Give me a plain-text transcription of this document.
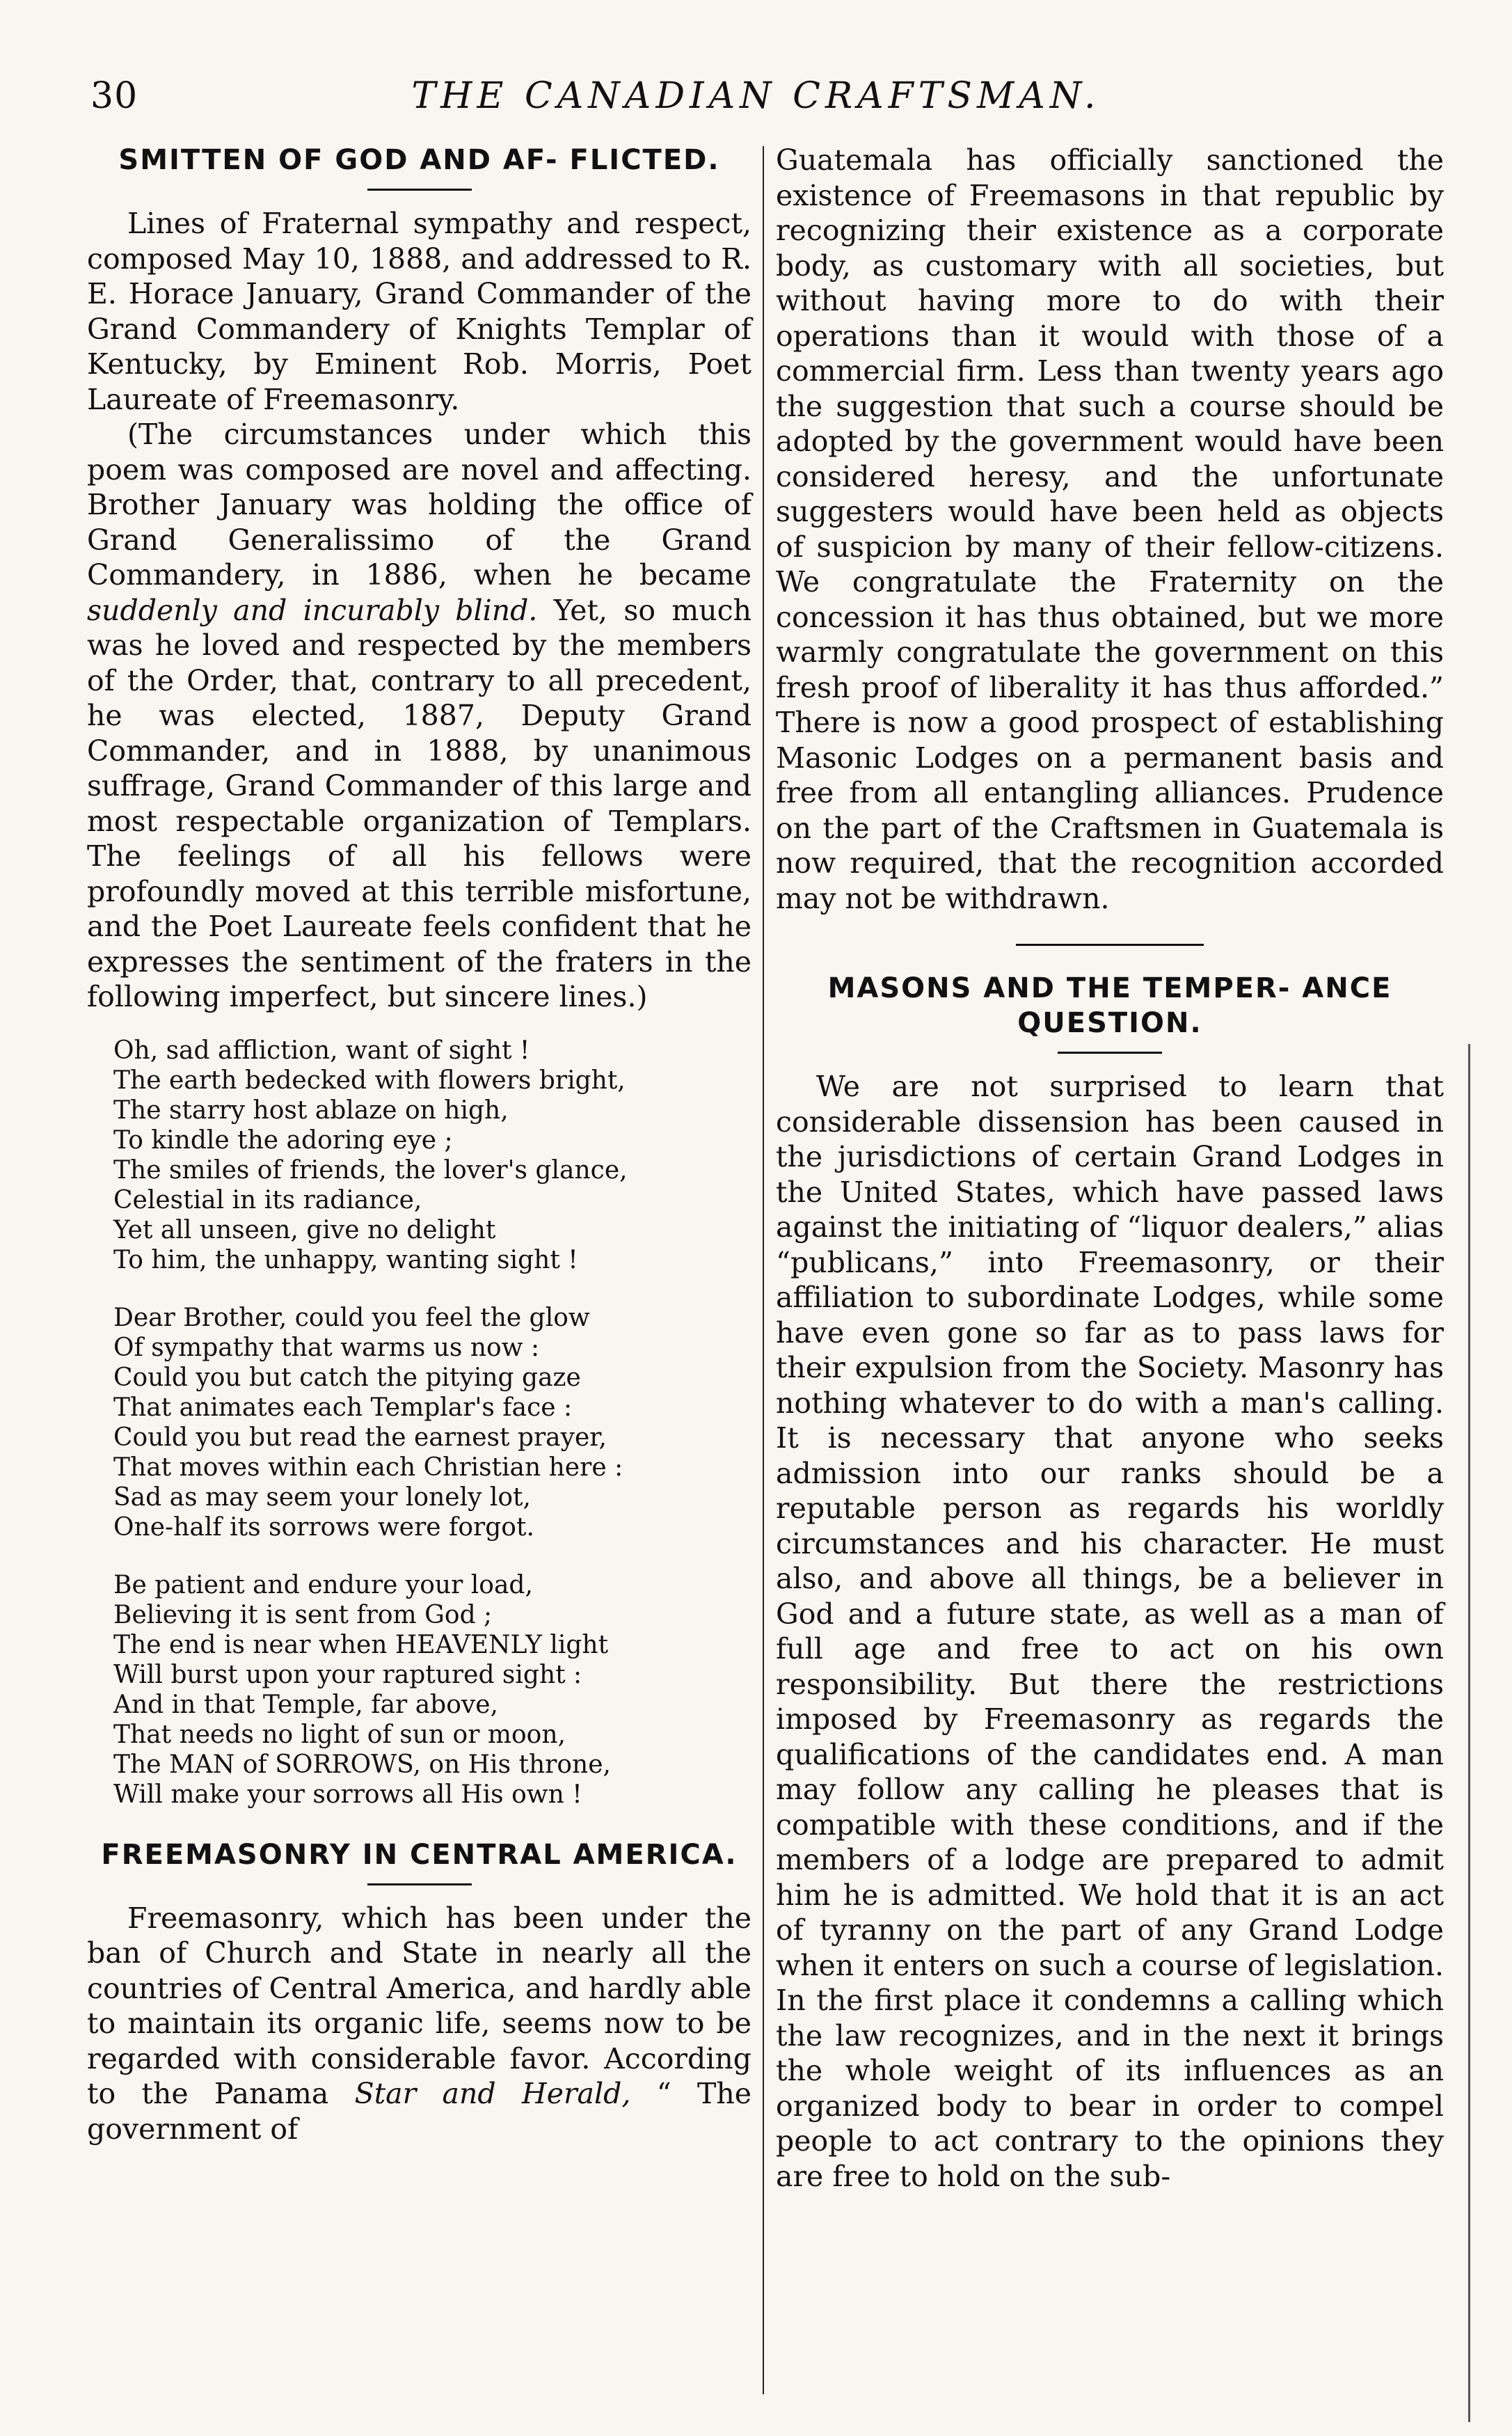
30	THE CANADIAN CRAFTSMAN.
SMITTEN OF GOD AND AF- FLICTED.

Lines of Fraternal sympathy and respect, composed May 10, 1888, and addressed to R. E. Horace January, Grand Commander of the Grand Commandery of Knights Templar of Kentucky, by Eminent Rob. Morris, Poet Laureate of Freemasonry.

(The circumstances under which this poem was composed are novel and affecting. Brother January was holding the office of Grand Generalissimo of the Grand Commandery, in 1886, when he became suddenly and incurably blind. Yet, so much was he loved and respected by the members of the Order, that, contrary to all precedent, he was elected, 1887, Deputy Grand Commander, and in 1888, by unanimous suffrage, Grand Commander of this large and most respectable organization of Templars. The feelings of all his fellows were profoundly moved at this terrible misfortune, and the Poet Laureate feels confident that he expresses the sentiment of the fraters in the following imperfect, but sincere lines.)

Oh, sad affliction, want of sight !
The earth bedecked with flowers bright,
The starry host ablaze on high,
To kindle the adoring eye ;
The smiles of friends, the lover's glance,
Celestial in its radiance,
Yet all unseen, give no delight
To him, the unhappy, wanting sight !
Dear Brother, could you feel the glow
Of sympathy that warms us now :
Could you but catch the pitying gaze
That animates each Templar's face :
Could you but read the earnest prayer,
That moves within each Christian here :
Sad as may seem your lonely lot,
One-half its sorrows were forgot.
Be patient and endure your load,
Believing it is sent from God ;
The end is near when HEAVENLY light
Will burst upon your raptured sight :
And in that Temple, far above,
That needs no light of sun or moon,
The MAN of SORROWS, on His throne,
Will make your sorrows all His own !
FREEMASONRY IN CENTRAL AMERICA.

Freemasonry, which has been under the ban of Church and State in nearly all the countries of Central America, and hardly able to maintain its organic life, seems now to be regarded with considerable favor. According to the Panama Star and Herald, “ The government of

Guatemala has officially sanctioned the existence of Freemasons in that republic by recognizing their existence as a corporate body, as customary with all societies, but without having more to do with their operations than it would with those of a commercial firm. Less than twenty years ago the suggestion that such a course should be adopted by the government would have been considered heresy, and the unfortunate suggesters would have been held as objects of suspicion by many of their fellow-citizens. We congratulate the Fraternity on the concession it has thus obtained, but we more warmly congratulate the government on this fresh proof of liberality it has thus afforded.” There is now a good prospect of establishing Masonic Lodges on a permanent basis and free from all entangling alliances. Prudence on the part of the Craftsmen in Guatemala is now required, that the recognition accorded may not be withdrawn.

MASONS AND THE TEMPER- ANCE QUESTION.

We are not surprised to learn that considerable dissension has been caused in the jurisdictions of certain Grand Lodges in the United States, which have passed laws against the initiating of “liquor dealers,” alias “publicans,” into Freemasonry, or their affiliation to subordinate Lodges, while some have even gone so far as to pass laws for their expulsion from the Society. Masonry has nothing whatever to do with a man's calling. It is necessary that anyone who seeks admission into our ranks should be a reputable person as regards his worldly circumstances and his character. He must also, and above all things, be a believer in God and a future state, as well as a man of full age and free to act on his own responsibility. But there the restrictions imposed by Freemasonry as regards the qualifications of the candidates end. A man may follow any calling he pleases that is compatible with these conditions, and if the members of a lodge are prepared to admit him he is admitted. We hold that it is an act of tyranny on the part of any Grand Lodge when it enters on such a course of legislation. In the first place it condemns a calling which the law recognizes, and in the next it brings the whole weight of its influences as an organized body to bear in order to compel people to act contrary to the opinions they are free to hold on the sub-
